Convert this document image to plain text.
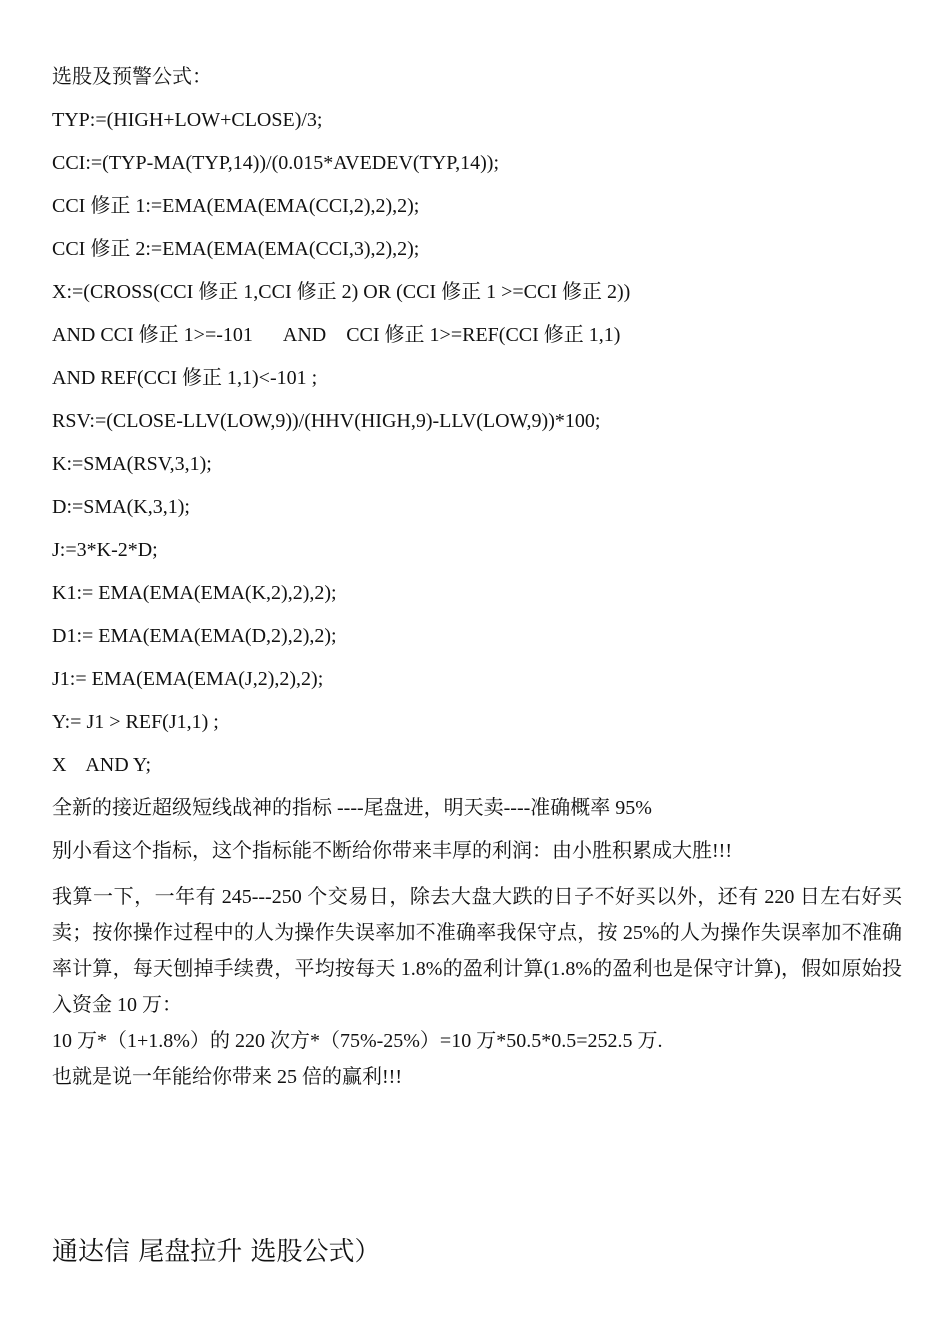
选股及预警公式：

TYP:=(HIGH+LOW+CLOSE)/3;

CCI:=(TYP-MA(TYP,14))/(0.015*AVEDEV(TYP,14));

CCI 修正 1:=EMA(EMA(EMA(CCI,2),2),2);

CCI 修正 2:=EMA(EMA(EMA(CCI,3),2),2);

X:=(CROSS(CCI 修正 1,CCI 修正 2) OR (CCI 修正 1 >=CCI 修正 2))

AND CCI 修正 1>=-101      AND    CCI 修正 1>=REF(CCI 修正 1,1)

AND REF(CCI 修正 1,1)<-101 ;

RSV:=(CLOSE-LLV(LOW,9))/(HHV(HIGH,9)-LLV(LOW,9))*100;

K:=SMA(RSV,3,1);

D:=SMA(K,3,1);

J:=3*K-2*D;

K1:= EMA(EMA(EMA(K,2),2),2);

D1:= EMA(EMA(EMA(D,2),2),2);

J1:= EMA(EMA(EMA(J,2),2),2);

Y:= J1 > REF(J1,1) ;

X    AND Y;

全新的接近超级短线战神的指标 ----尾盘进，明天卖----准确概率 95%

别小看这个指标，这个指标能不断给你带来丰厚的利润：由小胜积累成大胜!!!

我算一下，一年有 245---250 个交易日，除去大盘大跌的日子不好买以外，还有 220 日左右好买卖；按你操作过程中的人为操作失误率加不准确率我保守点，按 25%的人为操作失误率加不准确率计算，每天刨掉手续费，平均按每天 1.8%的盈利计算(1.8%的盈利也是保守计算)，假如原始投入资金 10 万：

10 万*（1+1.8%）的 220 次方*（75%-25%）=10 万*50.5*0.5=252.5 万.

也就是说一年能给你带来 25 倍的赢利!!!

通达信 尾盘拉升 选股公式）
